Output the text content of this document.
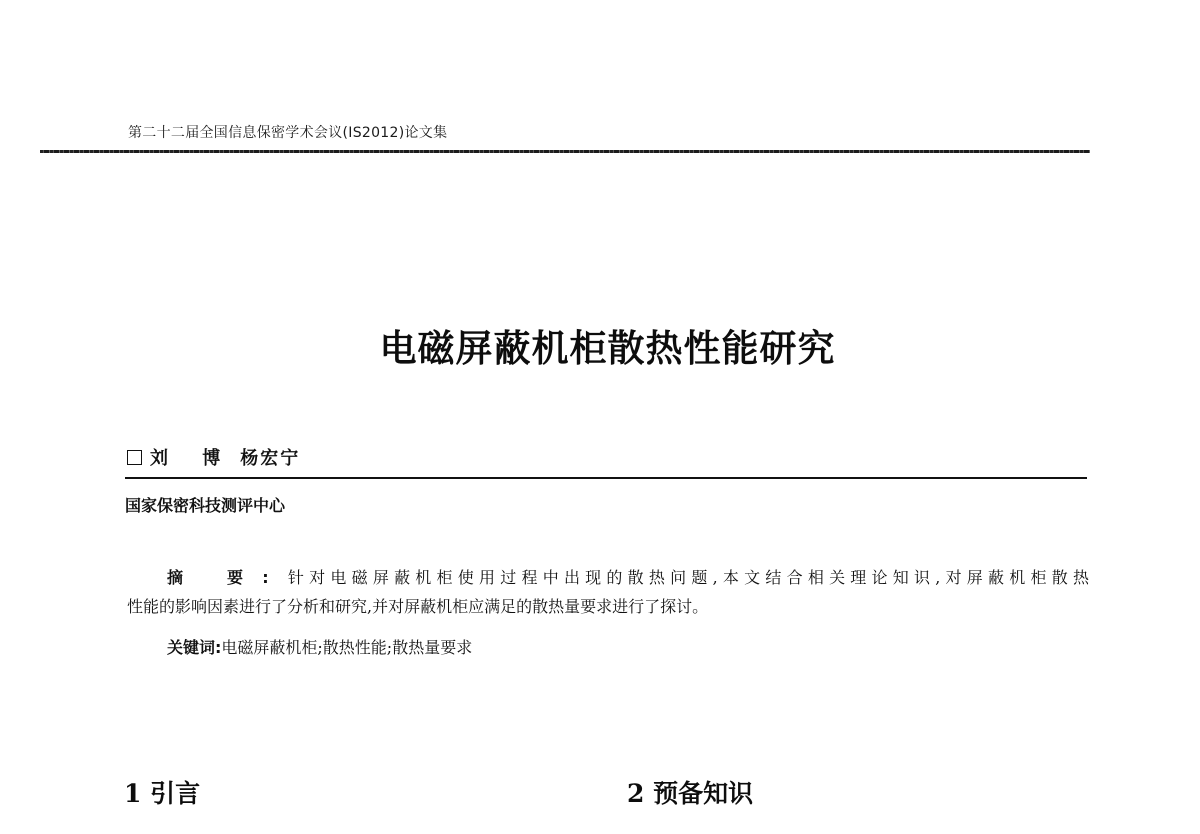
第二十二届全国信息保密学术会议(IS2012)论文集
电磁屏蔽机柜散热性能研究
刘 博 杨宏宁
国家保密科技测评中心
摘 要:针对电磁屏蔽机柜使用过程中出现的散热问题,本文结合相关理论知识,对屏蔽机柜散热
性能的影响因素进行了分析和研究,并对屏蔽机柜应满足的散热量要求进行了探讨。
关键词:电磁屏蔽机柜;散热性能;散热量要求
1 引言	2 预备知识
